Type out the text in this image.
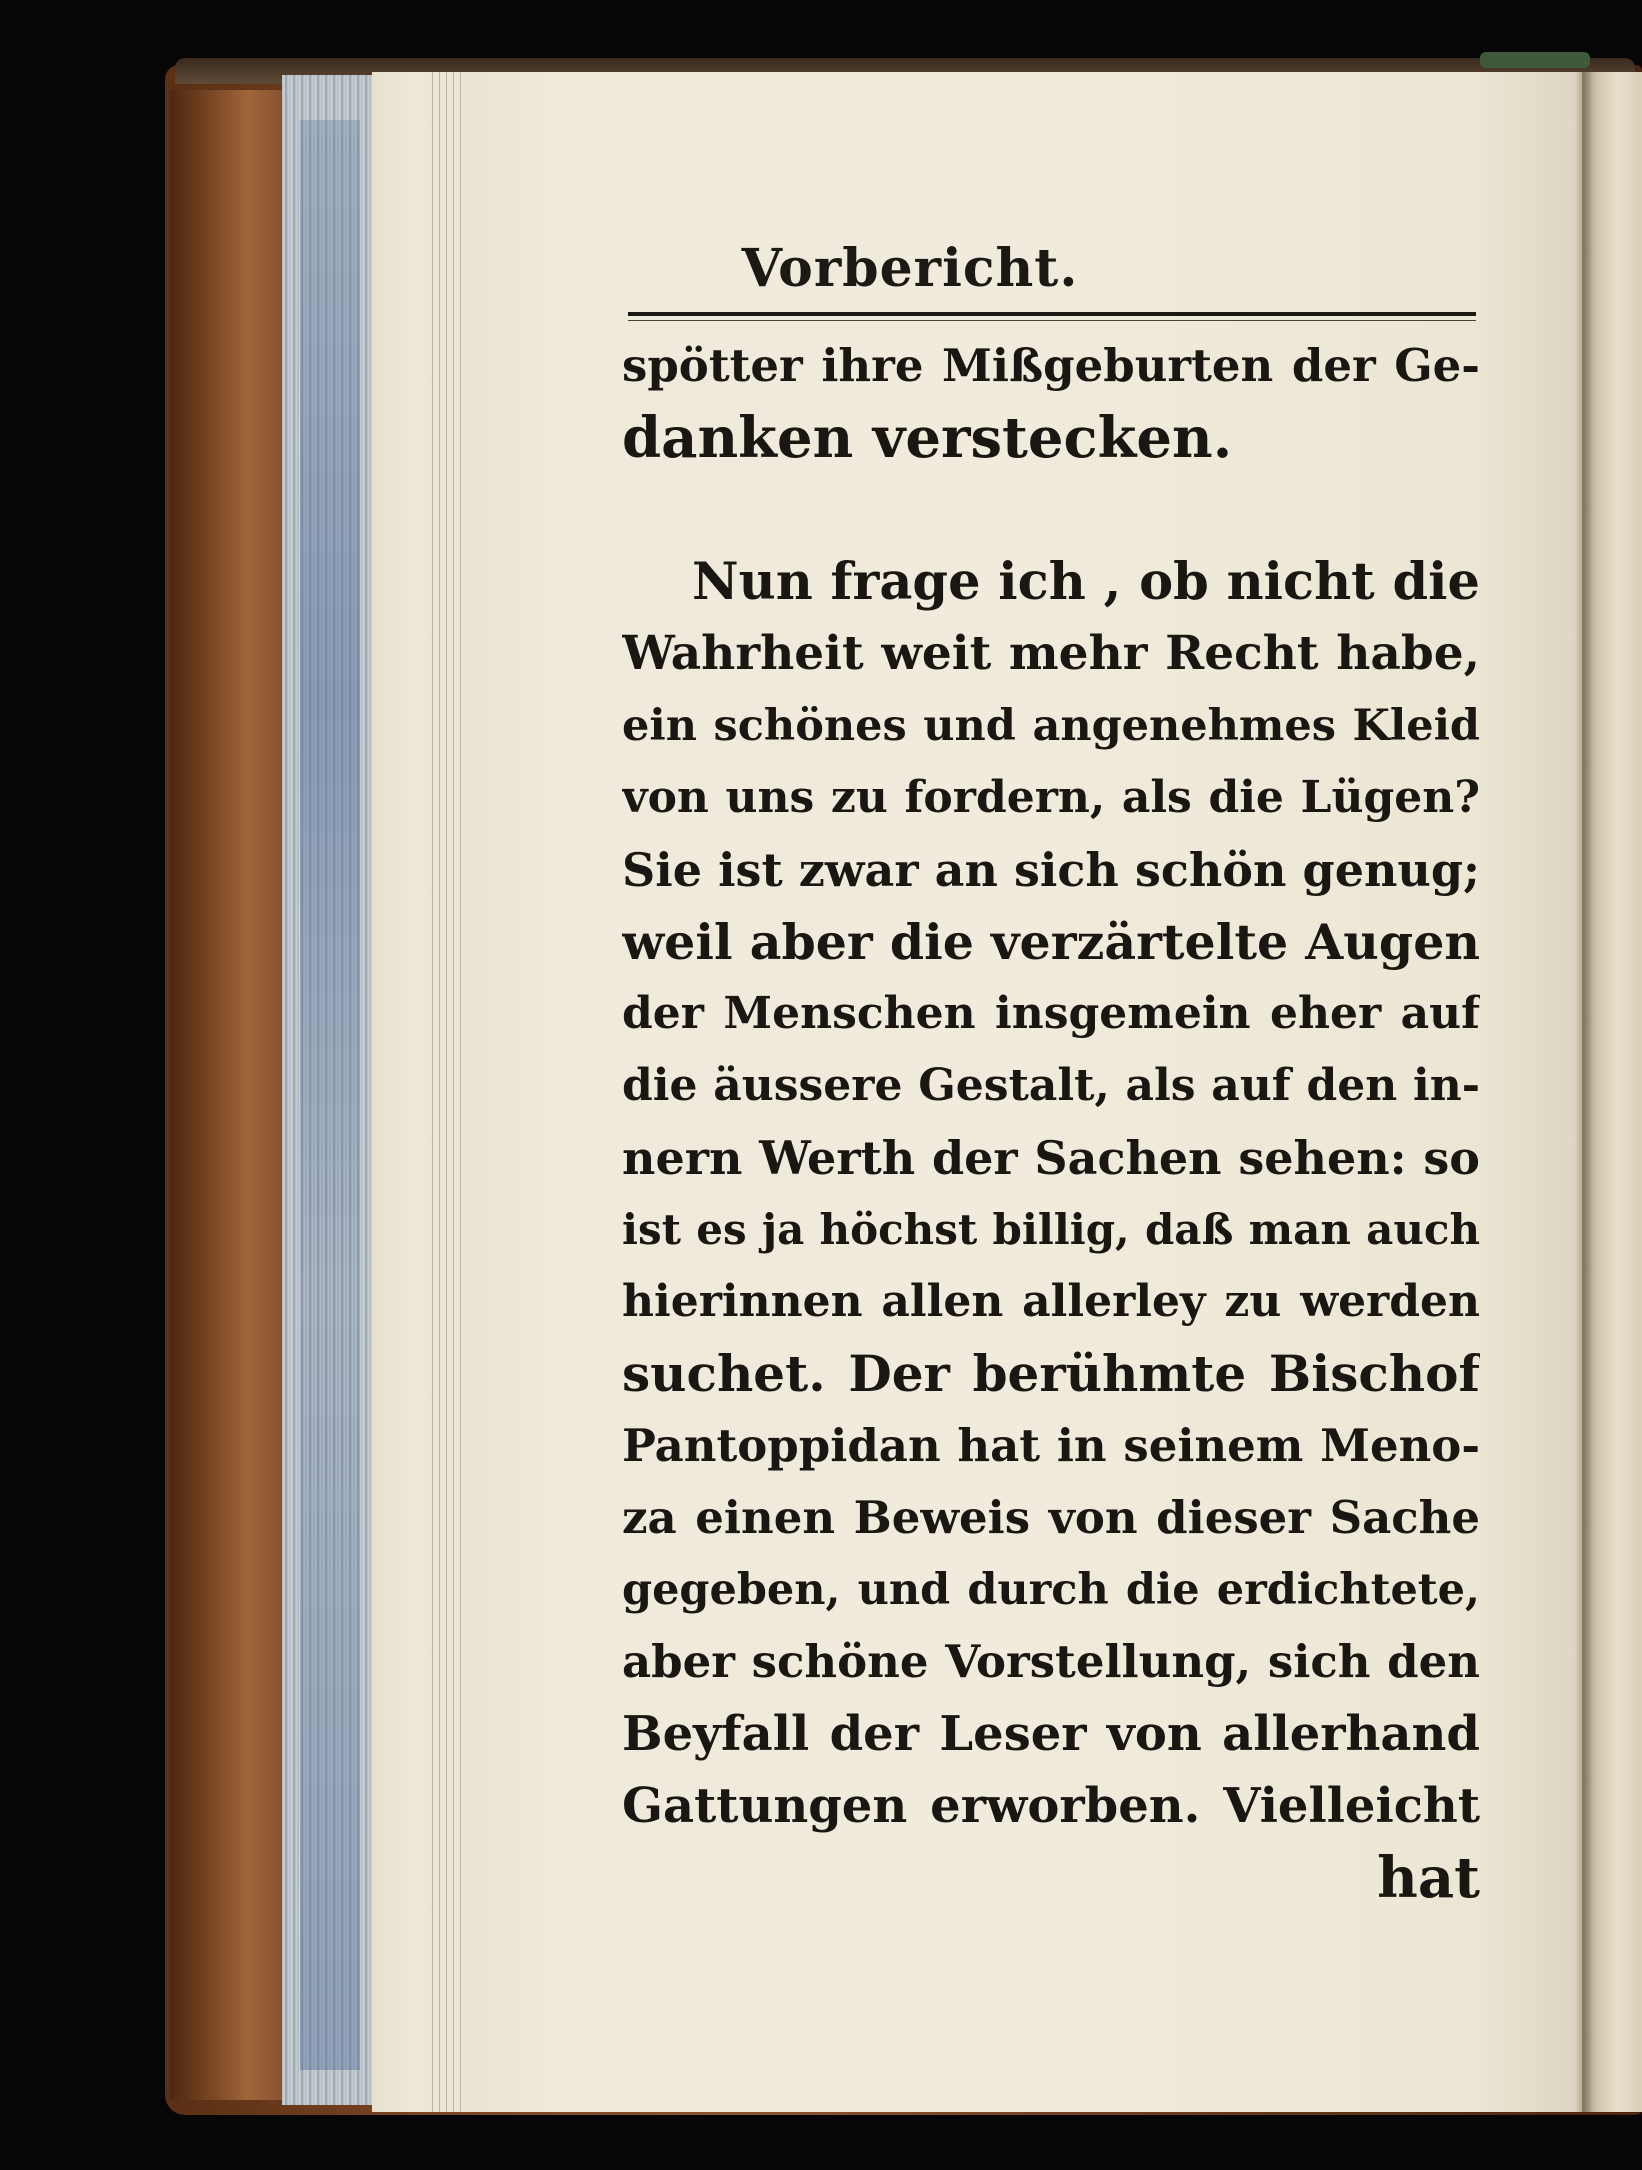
Vorbericht.
spötter ihre Mißgeburten der Ge-
danken verstecken.
Nun frage ich , ob nicht die
Wahrheit weit mehr Recht habe,
ein schönes und angenehmes Kleid
von uns zu fordern, als die Lügen?
Sie ist zwar an sich schön genug;
weil aber die verzärtelte Augen
der Menschen insgemein eher auf
die äussere Gestalt, als auf den in-
nern Werth der Sachen sehen: so
ist es ja höchst billig, daß man auch
hierinnen allen allerley zu werden
suchet. Der berühmte Bischof
Pantoppidan hat in seinem Meno-
za einen Beweis von dieser Sache
gegeben, und durch die erdichtete,
aber schöne Vorstellung, sich den
Beyfall der Leser von allerhand
Gattungen erworben. Vielleicht
hat
